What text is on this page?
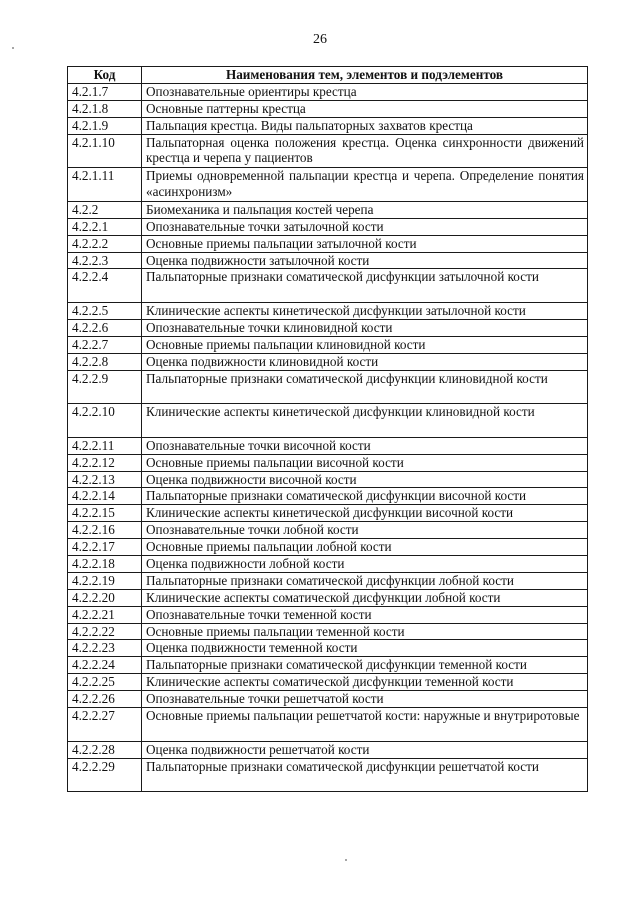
26
Код	Наименования тем, элементов и подэлементов
4.2.1.7	Опознавательные ориентиры крестца
4.2.1.8	Основные паттерны крестца
4.2.1.9	Пальпация крестца. Виды пальпаторных захватов крестца
4.2.1.10	Пальпаторная оценка положения крестца. Оценка синхронности движений крестца и черепа у пациентов
4.2.1.11	Приемы одновременной пальпации крестца и черепа. Определение понятия «асинхронизм»
4.2.2	Биомеханика и пальпация костей черепа
4.2.2.1	Опознавательные точки затылочной кости
4.2.2.2	Основные приемы пальпации затылочной кости
4.2.2.3	Оценка подвижности затылочной кости
4.2.2.4	Пальпаторные признаки соматической дисфункции затылочной кости
4.2.2.5	Клинические аспекты кинетической дисфункции затылочной кости
4.2.2.6	Опознавательные точки клиновидной кости
4.2.2.7	Основные приемы пальпации клиновидной кости
4.2.2.8	Оценка подвижности клиновидной кости
4.2.2.9	Пальпаторные признаки соматической дисфункции клиновидной кости
4.2.2.10	Клинические аспекты кинетической дисфункции клиновидной кости
4.2.2.11	Опознавательные точки височной кости
4.2.2.12	Основные приемы пальпации височной кости
4.2.2.13	Оценка подвижности височной кости
4.2.2.14	Пальпаторные признаки соматической дисфункции височной кости
4.2.2.15	Клинические аспекты кинетической дисфункции височной кости
4.2.2.16	Опознавательные точки лобной кости
4.2.2.17	Основные приемы пальпации лобной кости
4.2.2.18	Оценка подвижности лобной кости
4.2.2.19	Пальпаторные признаки соматической дисфункции лобной кости
4.2.2.20	Клинические аспекты соматической дисфункции лобной кости
4.2.2.21	Опознавательные точки теменной кости
4.2.2.22	Основные приемы пальпации теменной кости
4.2.2.23	Оценка подвижности теменной кости
4.2.2.24	Пальпаторные признаки соматической дисфункции теменной кости
4.2.2.25	Клинические аспекты соматической дисфункции теменной кости
4.2.2.26	Опознавательные точки решетчатой кости
4.2.2.27	Основные приемы пальпации решетчатой кости: наружные и внутриротовые
4.2.2.28	Оценка подвижности решетчатой кости
4.2.2.29	Пальпаторные признаки соматической дисфункции решетчатой кости
